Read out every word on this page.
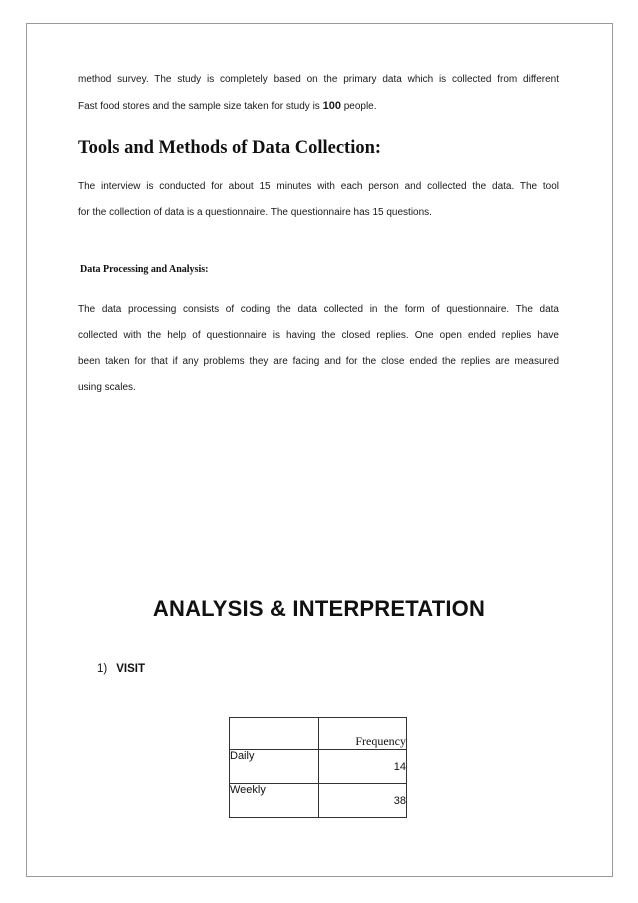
method survey. The study is completely based on the primary data which is collected from different
Fast food stores and the sample size taken for study is 100 people.

Tools and Methods of Data Collection:

The interview is conducted for about 15 minutes with each person and collected the data. The tool
for the collection of data is a questionnaire. The questionnaire has 15 questions.

Data Processing and Analysis:

The data processing consists of coding the data collected in the form of questionnaire. The data
collected with the help of questionnaire is having the closed replies. One open ended replies have
been taken for that if any problems they are facing and for the close ended the replies are measured
using scales.

ANALYSIS & INTERPRETATION

1) VISIT

	Frequency
Daily	14
Weekly	38
